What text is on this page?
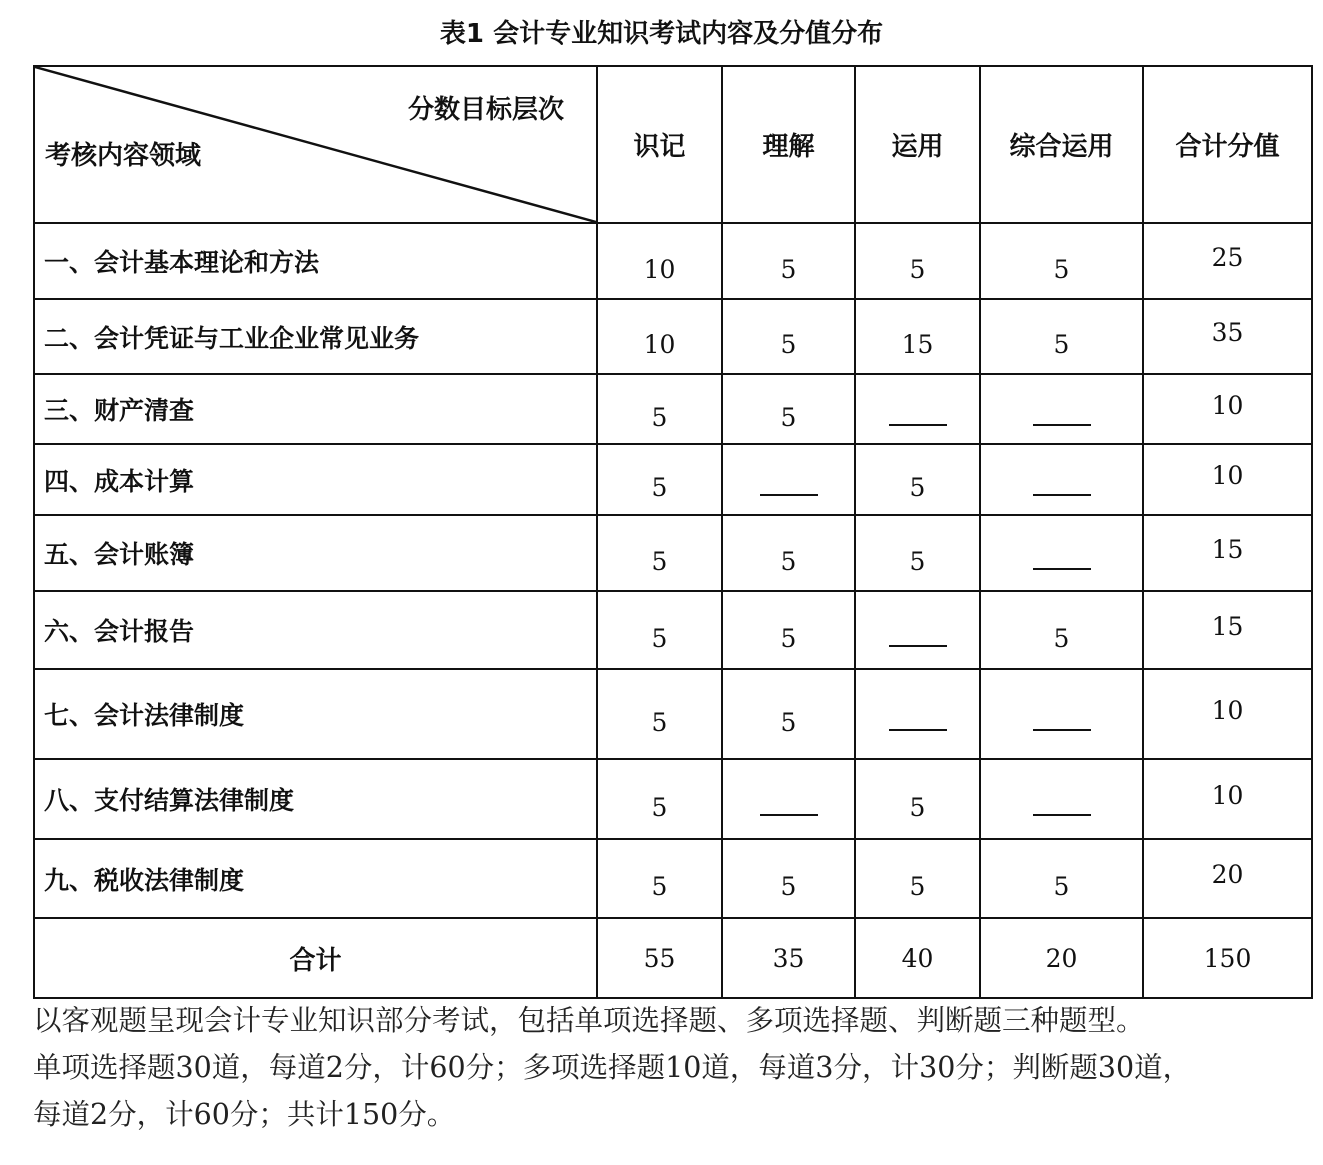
表1 会计专业知识考试内容及分值分布
分数目标层次
考核内容领域	识记	理解	运用	综合运用	合计分值
一、会计基本理论和方法	10	5	5	5	25
二、会计凭证与工业企业常见业务	10	5	15	5	35
三、财产清查	5	5			10
四、成本计算	5		5		10
五、会计账簿	5	5	5		15
六、会计报告	5	5		5	15
七、会计法律制度	5	5			10
八、支付结算法律制度	5		5		10
九、税收法律制度	5	5	5	5	20
合计	55	35	40	20	150
以客观题呈现会计专业知识部分考试，包括单项选择题、多项选择题、判断题三种题型。
单项选择题30道，每道2分，计60分；多项选择题10道，每道3分，计30分；判断题30道，
每道2分，计60分；共计150分。
